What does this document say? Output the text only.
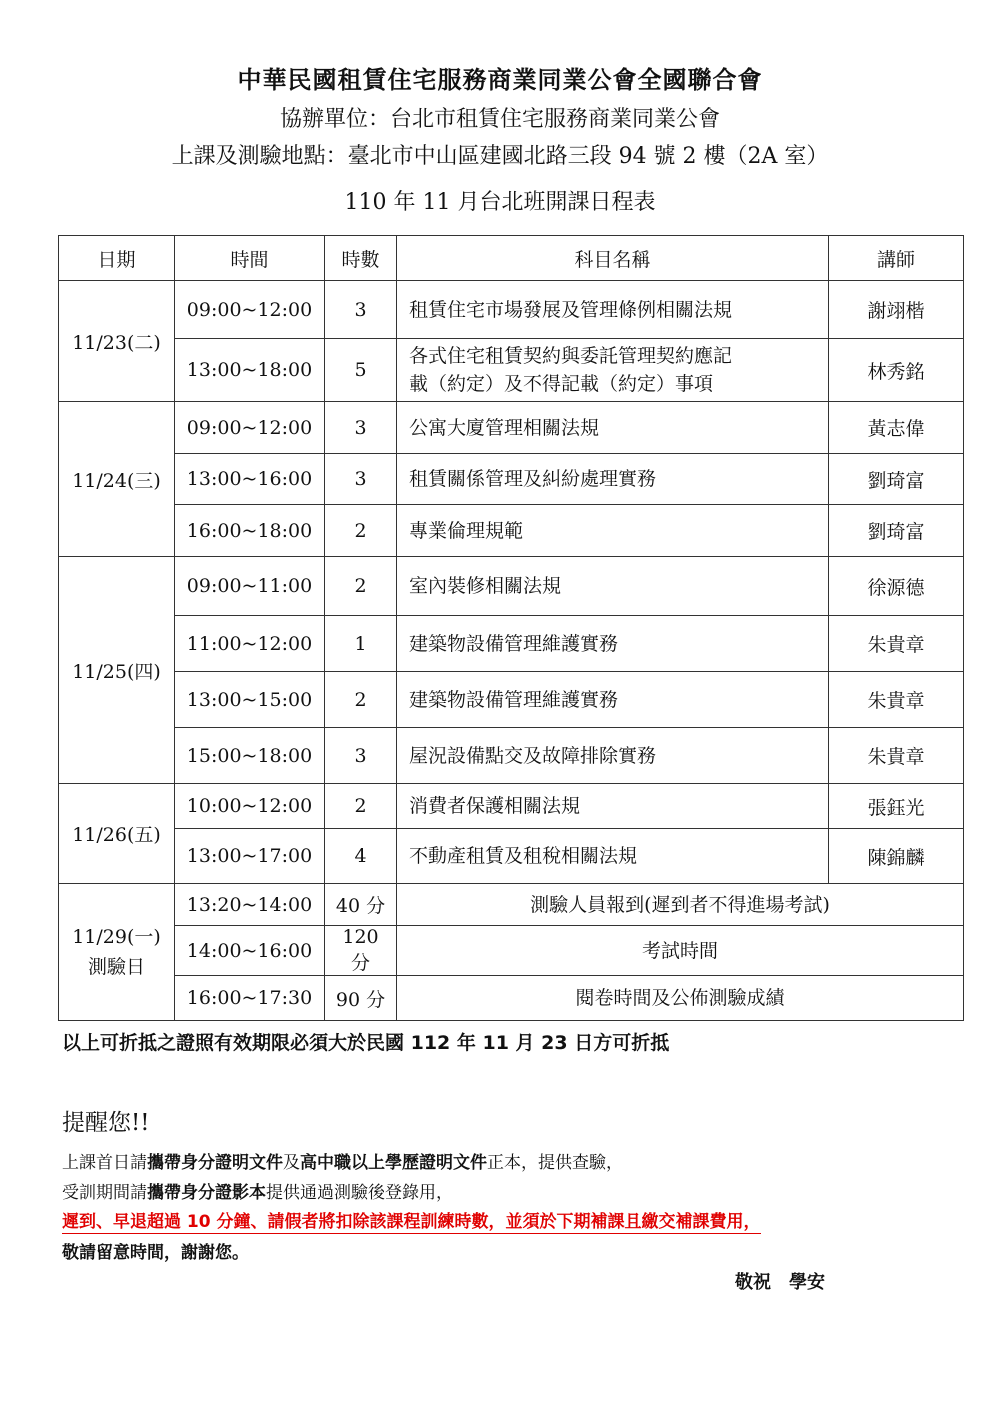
中華民國租賃住宅服務商業同業公會全國聯合會
協辦單位：台北市租賃住宅服務商業同業公會
上課及測驗地點：臺北市中山區建國北路三段 94 號 2 樓（2A 室）
110 年 11 月台北班開課日程表
日期	時間	時數	科目名稱	講師
11/23(二)	09:00~12:00	3	租賃住宅市場發展及管理條例相關法規	謝翊楷
	13:00~18:00	5	各式住宅租賃契約與委託管理契約應記
載（約定）及不得記載（約定）事項	林秀銘
11/24(三)	09:00~12:00	3	公寓大廈管理相關法規	黃志偉
	13:00~16:00	3	租賃關係管理及糾紛處理實務	劉琦富
	16:00~18:00	2	專業倫理規範	劉琦富
11/25(四)	09:00~11:00	2	室內裝修相關法規	徐源德
	11:00~12:00	1	建築物設備管理維護實務	朱貴章
	13:00~15:00	2	建築物設備管理維護實務	朱貴章
	15:00~18:00	3	屋況設備點交及故障排除實務	朱貴章
11/26(五)	10:00~12:00	2	消費者保護相關法規	張鈺光
	13:00~17:00	4	不動產租賃及租稅相關法規	陳錦麟

11/29(一)
測驗日	13:20~14:00	40 分	測驗人員報到(遲到者不得進場考試)	
	14:00~16:00	120 分	考試時間	
	16:00~17:30	90 分	閱卷時間及公佈測驗成績	
以上可折抵之證照有效期限必須大於民國 112 年 11 月 23 日方可折抵
提醒您!!
上課首日請攜帶身分證明文件及高中職以上學歷證明文件正本，提供查驗，
受訓期間請攜帶身分證影本提供通過測驗後登錄用，
遲到、早退超過 10 分鐘、請假者將扣除該課程訓練時數，並須於下期補課且繳交補課費用，
敬請留意時間，謝謝您。
敬祝 學安
